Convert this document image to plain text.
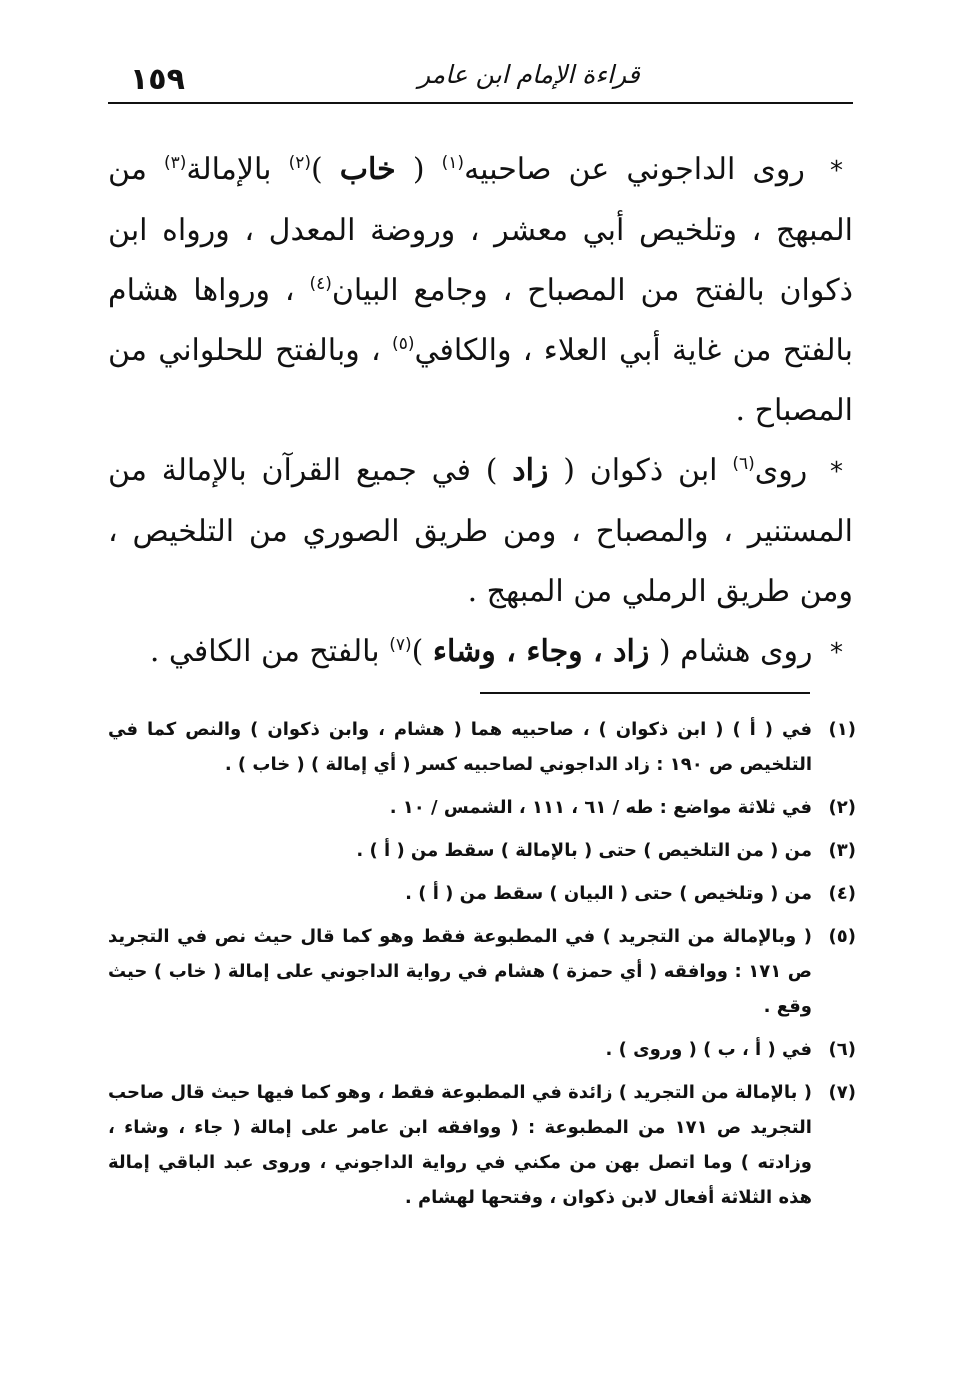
١٥٩	قراءة الإمام ابن عامر

* روى الداجوني عن صاحبيه$^{(١)}$ ( خاب )$^{(٢)}$ بالإمالة$^{(٣)}$ من المبهج ، وتلخيص أبي معشر ، وروضة المعدل ، ورواه ابن ذكوان بالفتح من المصباح ، وجامع البيان$^{(٤)}$ ، ورواها هشام بالفتح من غاية أبي العلاء ، والكافي$^{(٥)}$ ، وبالفتح للحلواني من المصباح .

* روى$^{(٦)}$ ابن ذكوان ( زاد ) في جميع القرآن بالإمالة من المستنير ، والمصباح ، ومن طريق الصوري من التلخيص ، ومن طريق الرملي من المبهج .

* روى هشام ( زاد ، وجاء ، وشاء )$^{(٧)}$ بالفتح من الكافي .

(١)
في ( أ ) ( ابن ذكوان ) ، صاحبيه هما ( هشام ، وابن ذكوان ) والنص كما في التلخيص ص ١٩٠ : زاد الداجوني لصاحبيه كسر ( أي إمالة ) ( خاب ) .
(٢)
في ثلاثة مواضع : طه / ٦١ ، ١١١ ، الشمس / ١٠ .
(٣)
من ( من التلخيص ) حتى ( بالإمالة ) سقط من ( أ ) .
(٤)
من ( وتلخيص ) حتى ( البيان ) سقط من ( أ ) .
(٥)
( وبالإمالة من التجريد ) في المطبوعة فقط وهو كما قال حيث نص في التجريد ص ١٧١ : ووافقه ( أي حمزة ) هشام في رواية الداجوني على إمالة ( خاب ) حيث وقع .
(٦)
في ( أ ، ب ) ( وروى ) .
(٧)
( بالإمالة من التجريد ) زائدة في المطبوعة فقط ، وهو كما فيها حيث قال صاحب التجريد ص ١٧١ من المطبوعة : ( ووافقه ابن عامر على إمالة ( جاء ، وشاء ، وزادته ) وما اتصل بهن من مكني في رواية الداجوني ، وروى عبد الباقي إمالة هذه الثلاثة أفعال لابن ذكوان ، وفتحها لهشام .
